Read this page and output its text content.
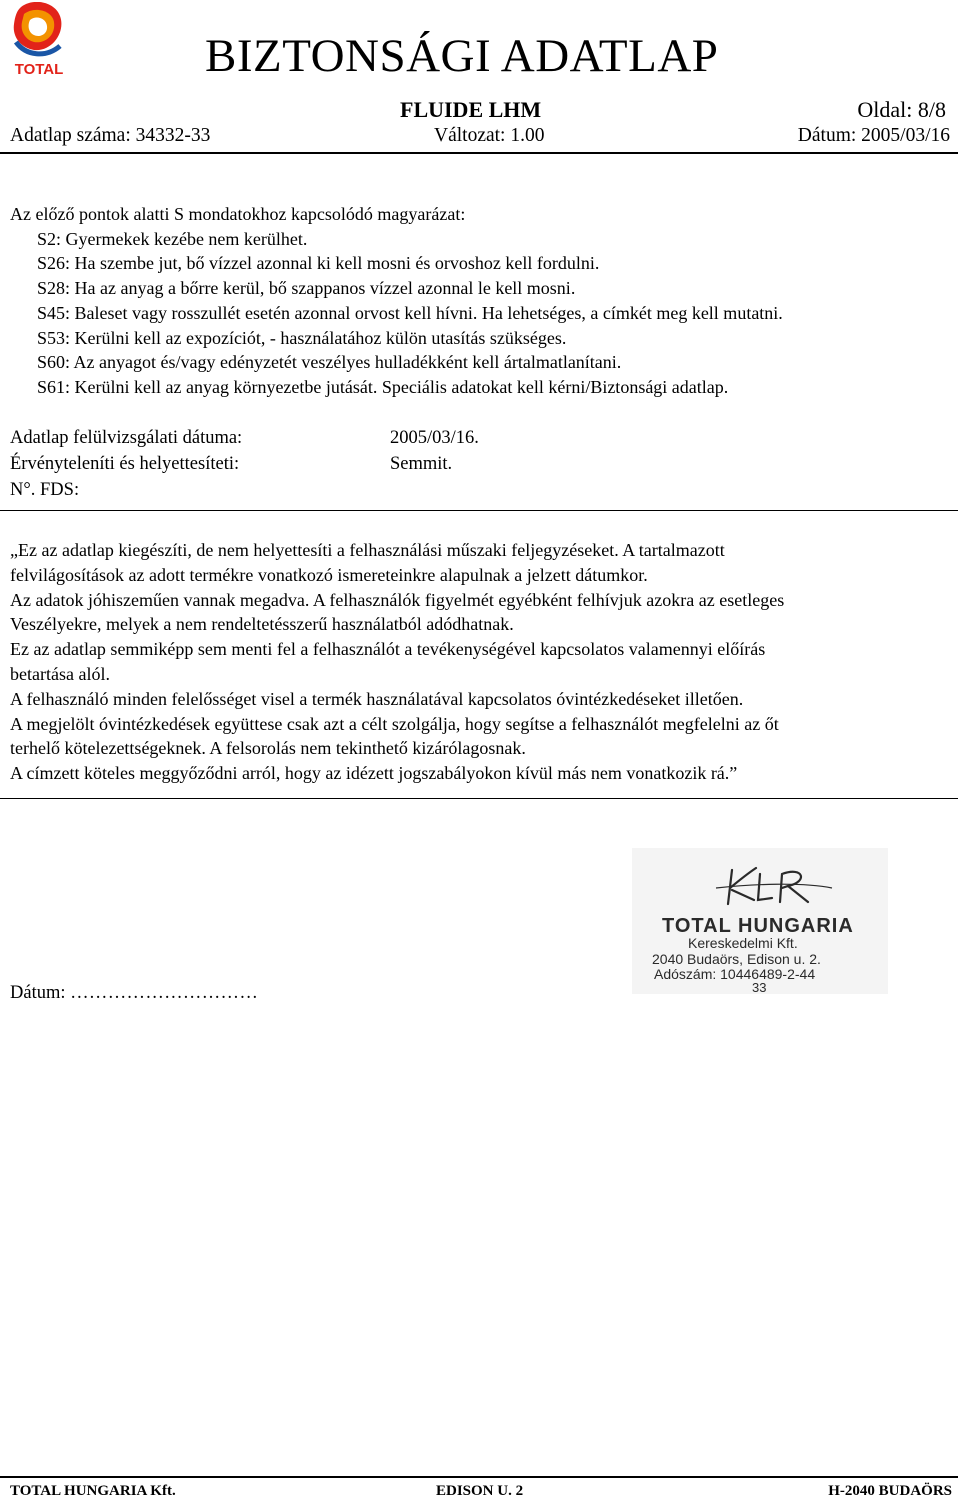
TOTAL	BIZTONSÁGI ADATLAP
FLUIDE LHM	Oldal: 8/8
Adatlap száma: 34332-33	Változat: 1.00	Dátum: 2005/03/16
Az előző pontok alatti S mondatokhoz kapcsolódó magyarázat:
S2: Gyermekek kezébe nem kerülhet.
S26: Ha szembe jut, bő vízzel azonnal ki kell mosni és orvoshoz kell fordulni.
S28: Ha az anyag a bőrre kerül, bő szappanos vízzel azonnal le kell mosni.
S45: Baleset vagy rosszullét esetén azonnal orvost kell hívni. Ha lehetséges, a címkét meg kell mutatni.
S53: Kerülni kell az expozíciót, - használatához külön utasítás szükséges.
S60: Az anyagot és/vagy edényzetét veszélyes hulladékként kell ártalmatlanítani.
S61: Kerülni kell az anyag környezetbe jutását. Speciális adatokat kell kérni/Biztonsági adatlap.
Adatlap felülvizsgálati dátuma:	2005/03/16.
Érvényteleníti és helyettesíteti:	Semmit.
N°. FDS:
„Ez az adatlap kiegészíti, de nem helyettesíti a felhasználási műszaki feljegyzéseket. A tartalmazott
felvilágosítások az adott termékre vonatkozó ismereteinkre alapulnak a jelzett dátumkor.
Az adatok jóhiszeműen vannak megadva. A felhasználók figyelmét egyébként felhívjuk azokra az esetleges
Veszélyekre, melyek a nem rendeltetésszerű használatból adódhatnak.
Ez az adatlap semmiképp sem menti fel a felhasználót a tevékenységével kapcsolatos valamennyi előírás
betartása alól.
A felhasználó minden felelősséget visel a termék használatával kapcsolatos óvintézkedéseket illetően.
A megjelölt óvintézkedések együttese csak azt a célt szolgálja, hogy segítse a felhasználót megfelelni az őt
terhelő kötelezettségeknek. A felsorolás nem tekinthető kizárólagosnak.
A címzett köteles meggyőződni arról, hogy az idézett jogszabályokon kívül más nem vonatkozik rá.”
TOTAL HUNGARIA
Kereskedelmi Kft.
2040 Budaörs, Edison u. 2.
Adószám: 10446489-2-44
33
Dátum: …………………………
TOTAL HUNGARIA Kft.	EDISON U. 2	H-2040 BUDAÖRS
